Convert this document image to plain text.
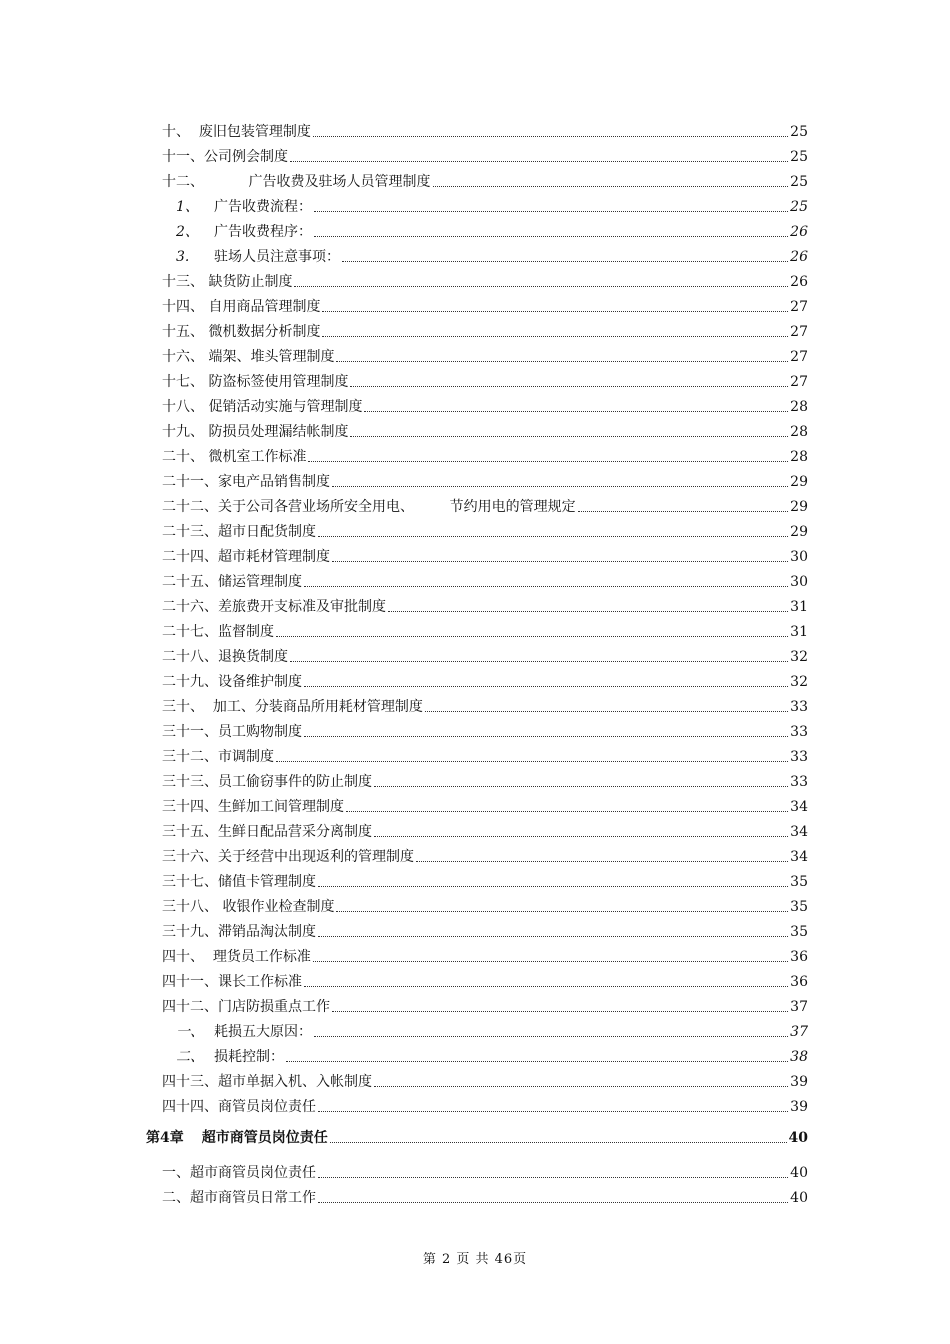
十、 废旧包装管理制度	25
十一、 公司例会制度	25
十二、 广告收费及驻场人员管理制度	25
1、	广告收费流程：	25
2、	广告收费程序：	26
3.	驻场人员注意事项：	26
十三、 缺货防止制度	26
十四、 自用商品管理制度	27
十五、 微机数据分析制度	27
十六、 端架、堆头管理制度	27
十七、 防盗标签使用管理制度	27
十八、 促销活动实施与管理制度	28
十九、 防损员处理漏结帐制度	28
二十、 微机室工作标准	28
二十一、 家电产品销售制度	29
二十二、 关于公司各营业场所安全用电、        节约用电的管理规定	29
二十三、 超市日配货制度	29
二十四、 超市耗材管理制度	30
二十五、 储运管理制度	30
二十六、 差旅费开支标准及审批制度	31
二十七、 监督制度	31
二十八、 退换货制度	32
二十九、 设备维护制度	32
三十、 加工、分装商品所用耗材管理制度	33
三十一、 员工购物制度	33
三十二、 市调制度	33
三十三、 员工偷窃事件的防止制度	33
三十四、 生鲜加工间管理制度	34
三十五、 生鲜日配品营采分离制度	34
三十六、 关于经营中出现返利的管理制度	34
三十七、 储值卡管理制度	35
三十八、 收银作业检查制度	35
三十九、 滞销品淘汰制度	35
四十、 理货员工作标准	36
四十一、 课长工作标准	36
四十二、 门店防损重点工作	37
一、 耗损五大原因：	37
二、 损耗控制：	38
四十三、 超市单据入机、入帐制度	39
四十四、 商管员岗位责任	39
第4章 超市商管员岗位责任	40
一、 超市商管员岗位责任	40
二、 超市商管员日常工作	40
第 2 页 共 46页
